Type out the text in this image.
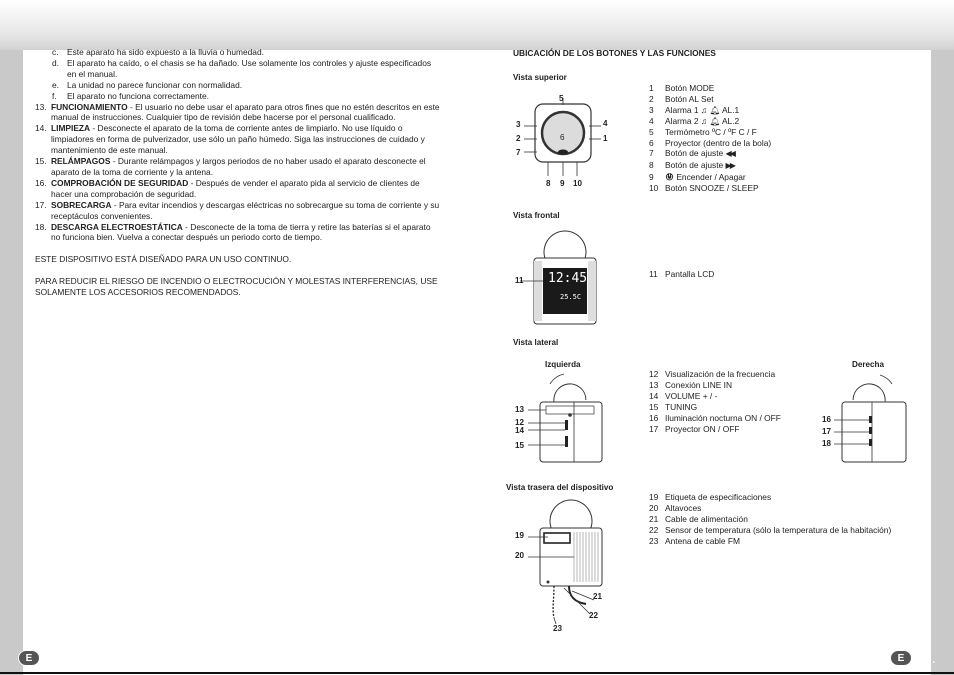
E 54.	E 55.
c.	Este aparato ha sido expuesto a la lluvia o humedad.
d. El aparato ha caído, o el chasis se ha dañado. Use solamente los controles y ajuste especificados en el manual.
e. La unidad no parece funcionar con normalidad.
f.	El aparato no funciona correctamente.
13. FUNCIONAMIENTO - El usuario no debe usar el aparato para otros fines que no estén descritos en este manual de instrucciones. Cualquier tipo de revisión debe hacerse por el personal cualificado.
14. LIMPIEZA - Desconecte el aparato de la toma de corriente antes de limpiarlo. No use líquido o limpiadores en forma de pulverizador, use sólo un paño húmedo. Siga las instrucciones de cuidado y mantenimiento de este manual.
15. RELÁMPAGOS - Durante relámpagos y largos periodos de no haber usado el aparato desconecte el aparato de la toma de corriente y la antena.
16. COMPROBACIÓN DE SEGURIDAD - Después de vender el aparato pida al servicio de clientes de hacer una comprobación de seguridad.
17. SOBRECARGA - Para evitar incendios y descargas eléctricas no sobrecargue su toma de corriente y su receptáculos convenientes.
18. DESCARGA ELECTROESTÁTICA - Desconecte de la toma de tierra y retire las baterías si el aparato no funciona bien. Vuelva a conectar después un periodo corto de tiempo.
ESTE DISPOSITIVO ESTÁ DISEÑADO PARA UN USO CONTINUO.
PARA REDUCIR EL RIESGO DE INCENDIO O ELECTROCUCIÓN Y MOLESTAS INTERFERENCIAS, USE SOLAMENTE LOS ACCESORIOS RECOMENDADOS.
UBICACIÓN DE LOS BOTONES Y LAS FUNCIONES
Vista superior
Vista frontal
Vista lateral
Izquierda	Derecha
Vista trasera del dispositivo
1	Botón MODE
2	Botón AL Set
3	Alarma 1 ♫ 🔔︎ AL.1
4	Alarma 2 ♫ 🔔︎ AL.2
5	Termómetro ºC / ºF C / F
6	Proyector (dentro de la bola)
7	Botón de ajuste ◀◀
8	Botón de ajuste ▶▶
9	Encender / Apagar
10 Botón SNOOZE / SLEEP
11 Pantalla LCD
12 Visualización de la frecuencia
13 Conexión LINE IN
14 VOLUME + / -
15 TUNING
16 Iluminación nocturna ON / OFF
17 Proyector ON / OFF
19 Etiqueta de especificaciones
20 Altavoces
21 Cable de alimentación
22 Sensor de temperatura (sólo la temperatura de la habitación)
23 Antena de cable FM
5
3
2
7
4
1
6
8 9 10
12:45
25.5C
11
13
12
14
15
16
17
18
19
20
21
22
23
